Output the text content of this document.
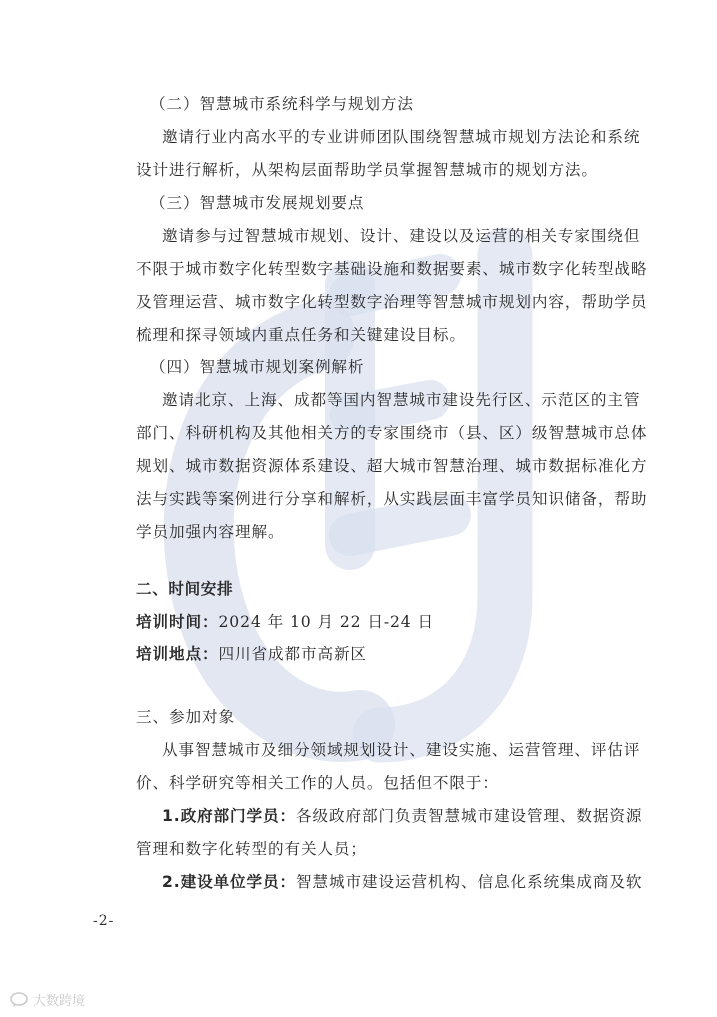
（二）智慧城市系统科学与规划方法
邀请行业内高水平的专业讲师团队围绕智慧城市规划方法论和系统
设计进行解析，从架构层面帮助学员掌握智慧城市的规划方法。
（三）智慧城市发展规划要点
邀请参与过智慧城市规划、设计、建设以及运营的相关专家围绕但
不限于城市数字化转型数字基础设施和数据要素、城市数字化转型战略
及管理运营、城市数字化转型数字治理等智慧城市规划内容，帮助学员
梳理和探寻领域内重点任务和关键建设目标。
（四）智慧城市规划案例解析
邀请北京、上海、成都等国内智慧城市建设先行区、示范区的主管
部门、科研机构及其他相关方的专家围绕市（县、区）级智慧城市总体
规划、城市数据资源体系建设、超大城市智慧治理、城市数据标准化方
法与实践等案例进行分享和解析，从实践层面丰富学员知识储备，帮助
学员加强内容理解。
二、时间安排
培训时间：2024 年 10 月 22 日-24 日
培训地点：四川省成都市高新区
三、参加对象
从事智慧城市及细分领域规划设计、建设实施、运营管理、评估评
价、科学研究等相关工作的人员。包括但不限于：
1.政府部门学员：各级政府部门负责智慧城市建设管理、数据资源
管理和数字化转型的有关人员；
2.建设单位学员：智慧城市建设运营机构、信息化系统集成商及软
-2-
大数跨境
